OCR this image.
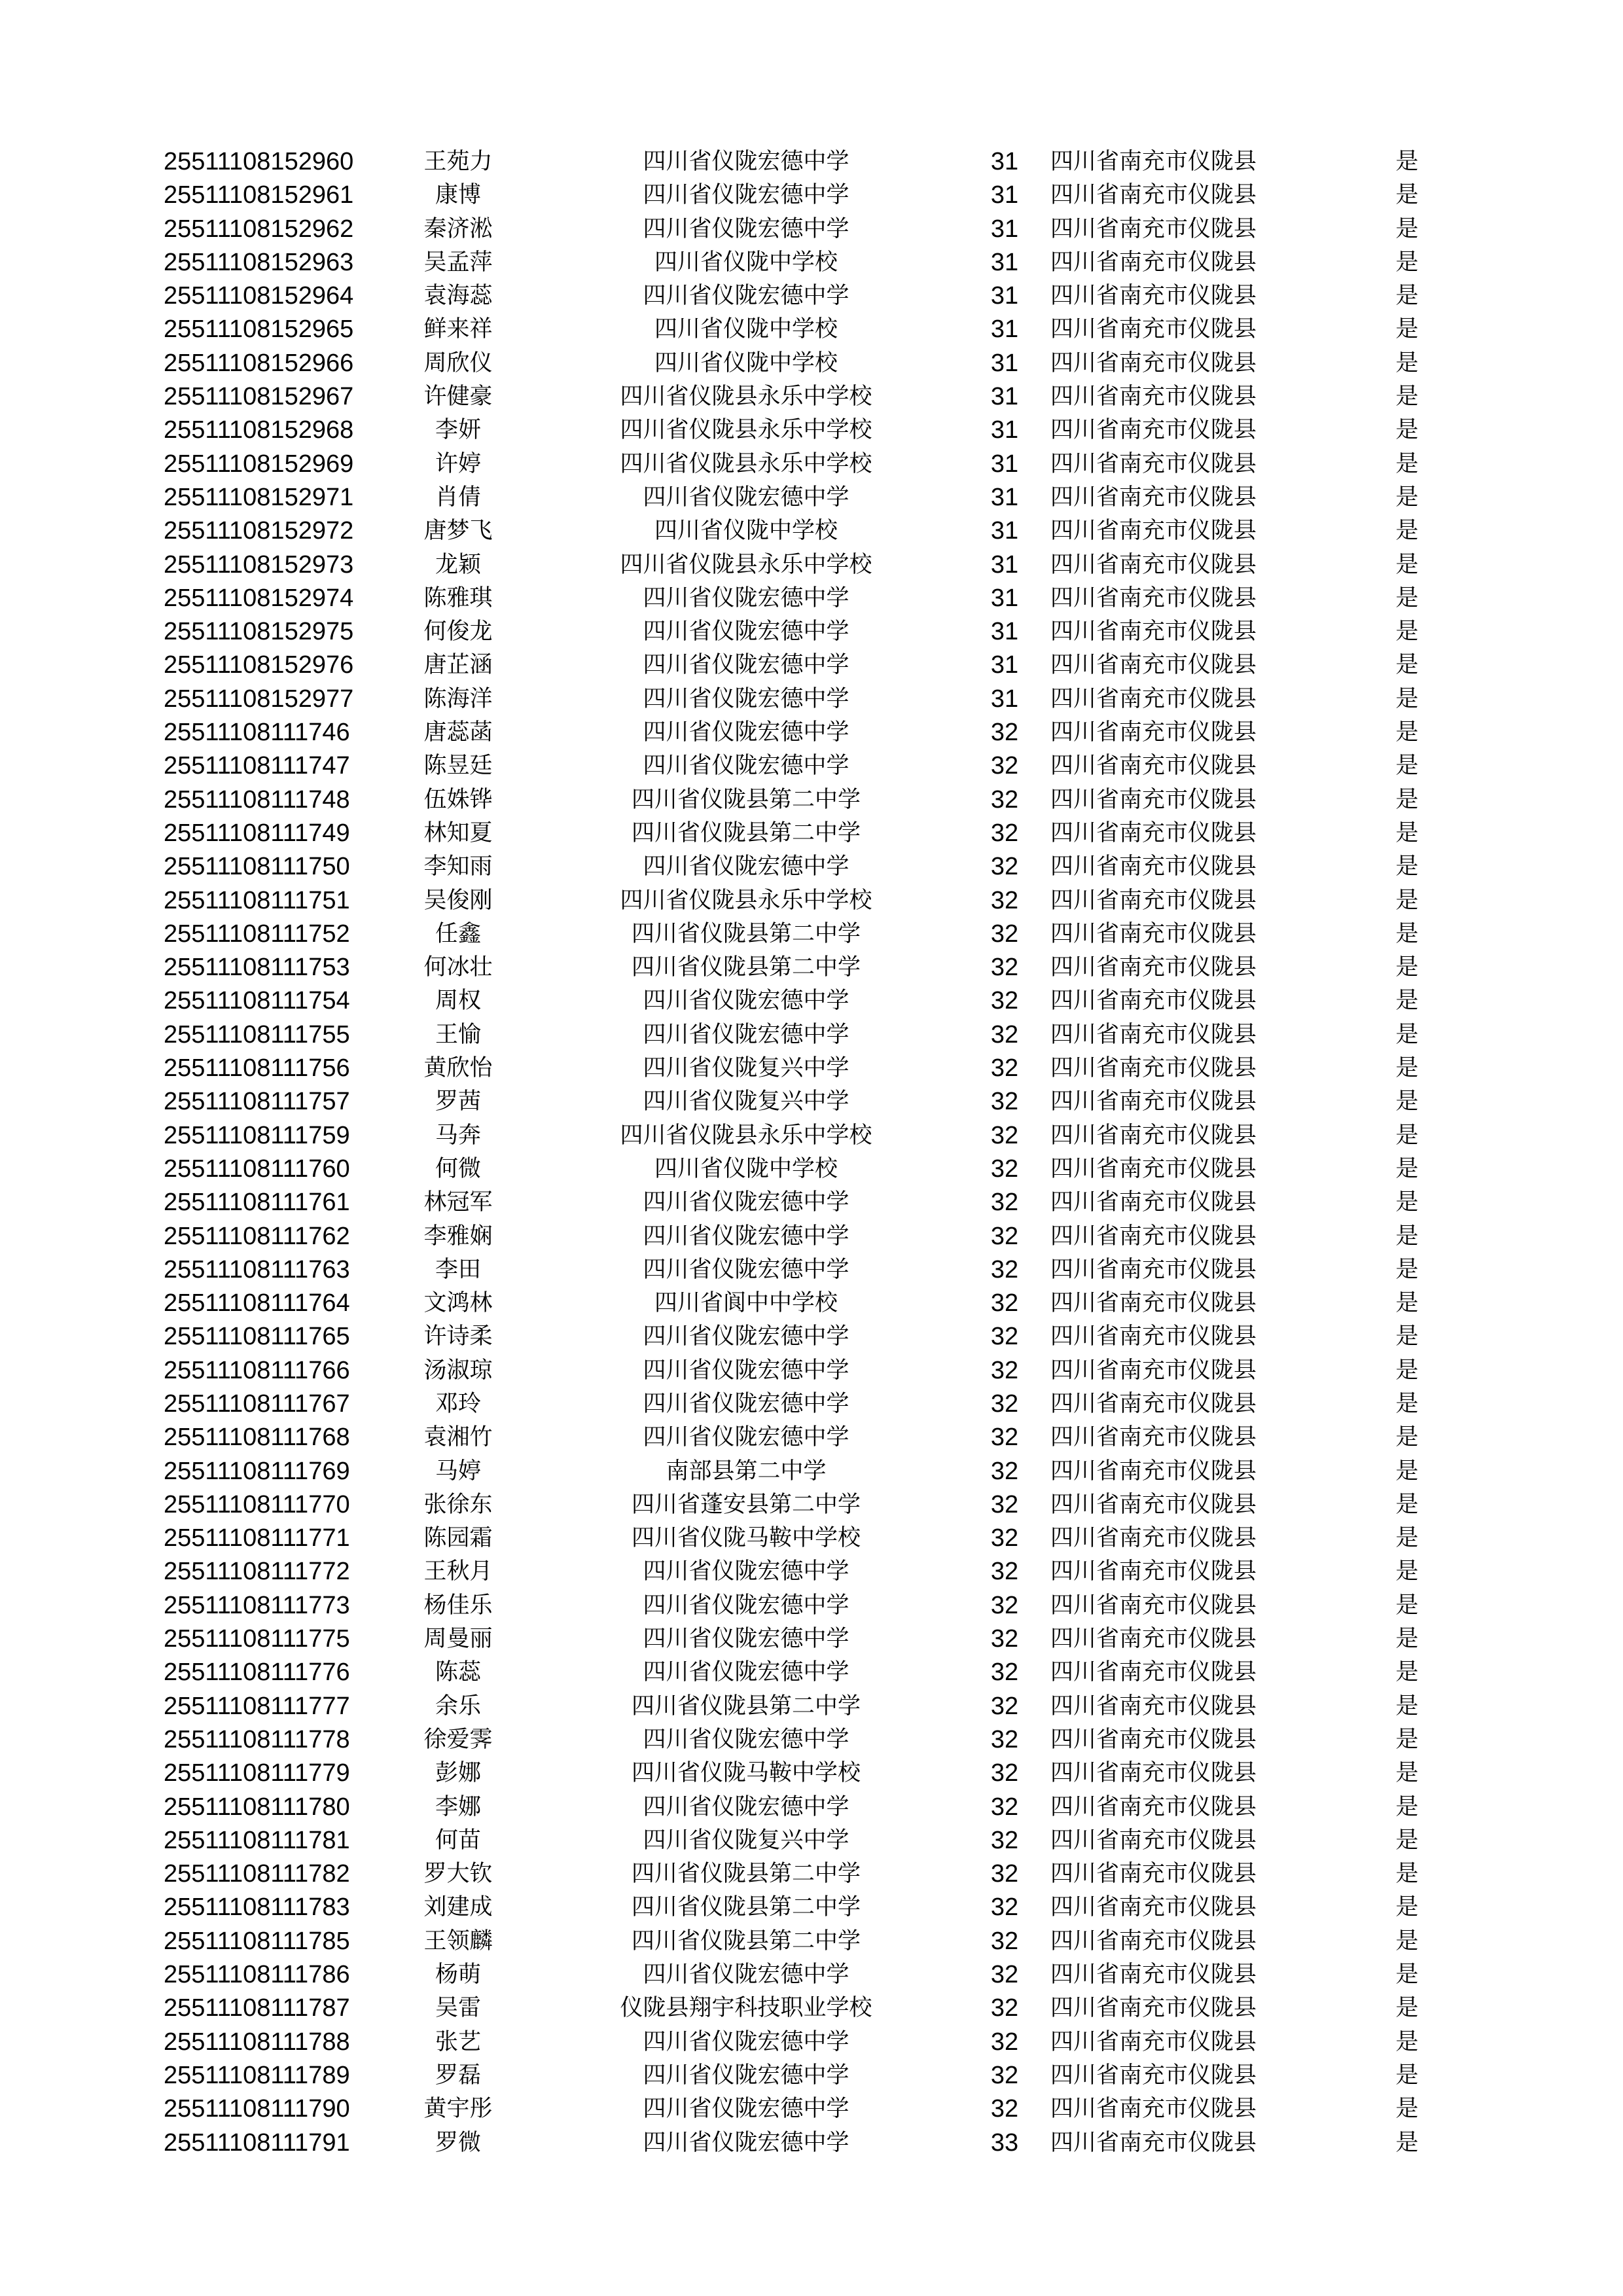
25511108152960	王苑力	四川省仪陇宏德中学	31	四川省南充市仪陇县	是
25511108152961	康博	四川省仪陇宏德中学	31	四川省南充市仪陇县	是
25511108152962	秦济淞	四川省仪陇宏德中学	31	四川省南充市仪陇县	是
25511108152963	吴孟萍	四川省仪陇中学校	31	四川省南充市仪陇县	是
25511108152964	袁海蕊	四川省仪陇宏德中学	31	四川省南充市仪陇县	是
25511108152965	鲜来祥	四川省仪陇中学校	31	四川省南充市仪陇县	是
25511108152966	周欣仪	四川省仪陇中学校	31	四川省南充市仪陇县	是
25511108152967	许健豪	四川省仪陇县永乐中学校	31	四川省南充市仪陇县	是
25511108152968	李妍	四川省仪陇县永乐中学校	31	四川省南充市仪陇县	是
25511108152969	许婷	四川省仪陇县永乐中学校	31	四川省南充市仪陇县	是
25511108152971	肖倩	四川省仪陇宏德中学	31	四川省南充市仪陇县	是
25511108152972	唐梦飞	四川省仪陇中学校	31	四川省南充市仪陇县	是
25511108152973	龙颖	四川省仪陇县永乐中学校	31	四川省南充市仪陇县	是
25511108152974	陈雅琪	四川省仪陇宏德中学	31	四川省南充市仪陇县	是
25511108152975	何俊龙	四川省仪陇宏德中学	31	四川省南充市仪陇县	是
25511108152976	唐芷涵	四川省仪陇宏德中学	31	四川省南充市仪陇县	是
25511108152977	陈海洋	四川省仪陇宏德中学	31	四川省南充市仪陇县	是
25511108111746	唐蕊菡	四川省仪陇宏德中学	32	四川省南充市仪陇县	是
25511108111747	陈昱廷	四川省仪陇宏德中学	32	四川省南充市仪陇县	是
25511108111748	伍姝铧	四川省仪陇县第二中学	32	四川省南充市仪陇县	是
25511108111749	林知夏	四川省仪陇县第二中学	32	四川省南充市仪陇县	是
25511108111750	李知雨	四川省仪陇宏德中学	32	四川省南充市仪陇县	是
25511108111751	吴俊刚	四川省仪陇县永乐中学校	32	四川省南充市仪陇县	是
25511108111752	任鑫	四川省仪陇县第二中学	32	四川省南充市仪陇县	是
25511108111753	何冰壮	四川省仪陇县第二中学	32	四川省南充市仪陇县	是
25511108111754	周权	四川省仪陇宏德中学	32	四川省南充市仪陇县	是
25511108111755	王愉	四川省仪陇宏德中学	32	四川省南充市仪陇县	是
25511108111756	黄欣怡	四川省仪陇复兴中学	32	四川省南充市仪陇县	是
25511108111757	罗茜	四川省仪陇复兴中学	32	四川省南充市仪陇县	是
25511108111759	马奔	四川省仪陇县永乐中学校	32	四川省南充市仪陇县	是
25511108111760	何微	四川省仪陇中学校	32	四川省南充市仪陇县	是
25511108111761	林冠军	四川省仪陇宏德中学	32	四川省南充市仪陇县	是
25511108111762	李雅娴	四川省仪陇宏德中学	32	四川省南充市仪陇县	是
25511108111763	李田	四川省仪陇宏德中学	32	四川省南充市仪陇县	是
25511108111764	文鸿林	四川省阆中中学校	32	四川省南充市仪陇县	是
25511108111765	许诗柔	四川省仪陇宏德中学	32	四川省南充市仪陇县	是
25511108111766	汤淑琼	四川省仪陇宏德中学	32	四川省南充市仪陇县	是
25511108111767	邓玲	四川省仪陇宏德中学	32	四川省南充市仪陇县	是
25511108111768	袁湘竹	四川省仪陇宏德中学	32	四川省南充市仪陇县	是
25511108111769	马婷	南部县第二中学	32	四川省南充市仪陇县	是
25511108111770	张徐东	四川省蓬安县第二中学	32	四川省南充市仪陇县	是
25511108111771	陈园霜	四川省仪陇马鞍中学校	32	四川省南充市仪陇县	是
25511108111772	王秋月	四川省仪陇宏德中学	32	四川省南充市仪陇县	是
25511108111773	杨佳乐	四川省仪陇宏德中学	32	四川省南充市仪陇县	是
25511108111775	周曼丽	四川省仪陇宏德中学	32	四川省南充市仪陇县	是
25511108111776	陈蕊	四川省仪陇宏德中学	32	四川省南充市仪陇县	是
25511108111777	余乐	四川省仪陇县第二中学	32	四川省南充市仪陇县	是
25511108111778	徐爱霁	四川省仪陇宏德中学	32	四川省南充市仪陇县	是
25511108111779	彭娜	四川省仪陇马鞍中学校	32	四川省南充市仪陇县	是
25511108111780	李娜	四川省仪陇宏德中学	32	四川省南充市仪陇县	是
25511108111781	何苗	四川省仪陇复兴中学	32	四川省南充市仪陇县	是
25511108111782	罗大钦	四川省仪陇县第二中学	32	四川省南充市仪陇县	是
25511108111783	刘建成	四川省仪陇县第二中学	32	四川省南充市仪陇县	是
25511108111785	王领麟	四川省仪陇县第二中学	32	四川省南充市仪陇县	是
25511108111786	杨萌	四川省仪陇宏德中学	32	四川省南充市仪陇县	是
25511108111787	吴雷	仪陇县翔宇科技职业学校	32	四川省南充市仪陇县	是
25511108111788	张艺	四川省仪陇宏德中学	32	四川省南充市仪陇县	是
25511108111789	罗磊	四川省仪陇宏德中学	32	四川省南充市仪陇县	是
25511108111790	黄宇彤	四川省仪陇宏德中学	32	四川省南充市仪陇县	是
25511108111791	罗微	四川省仪陇宏德中学	33	四川省南充市仪陇县	是
